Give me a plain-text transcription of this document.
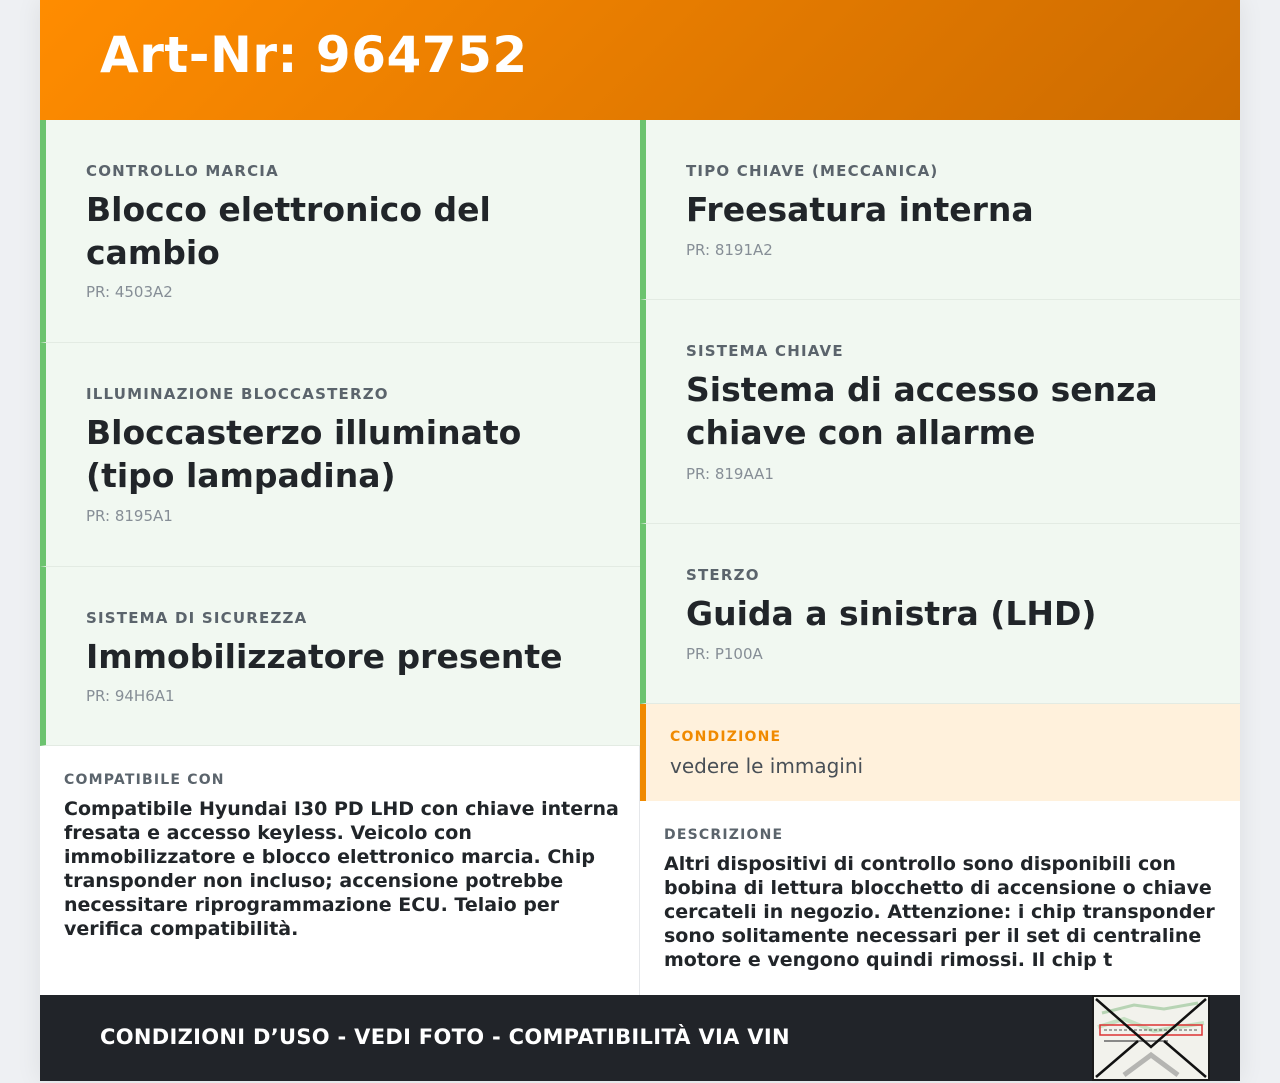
Art-Nr: 964752
CONTROLLO MARCIA
Blocco elettronico del cambio
PR: 4503A2
ILLUMINAZIONE BLOCCASTERZO
Bloccasterzo illuminato (tipo lampadina)
PR: 8195A1
SISTEMA DI SICUREZZA
Immobilizzatore presente
PR: 94H6A1
TIPO CHIAVE (MECCANICA)
Freesatura interna
PR: 8191A2
SISTEMA CHIAVE
Sistema di accesso senza chiave con allarme
PR: 819AA1
STERZO
Guida a sinistra (LHD)
PR: P100A
CONDIZIONE
vedere le immagini
COMPATIBILE CON
Compatibile Hyundai I30 PD LHD con chiave interna fresata e accesso keyless. Veicolo con immobilizzatore e blocco elettronico marcia. Chip transponder non incluso; accensione potrebbe necessitare riprogrammazione ECU. Telaio per verifica compatibilità.
DESCRIZIONE
Altri dispositivi di controllo sono disponibili con bobina di lettura blocchetto di accensione o chiave cercateli in negozio. Attenzione: i chip transponder sono solitamente necessari per il set di centraline motore e vengono quindi rimossi. Il chip t
CONDIZIONI D’USO - VEDI FOTO - COMPATIBILITÀ VIA VIN
